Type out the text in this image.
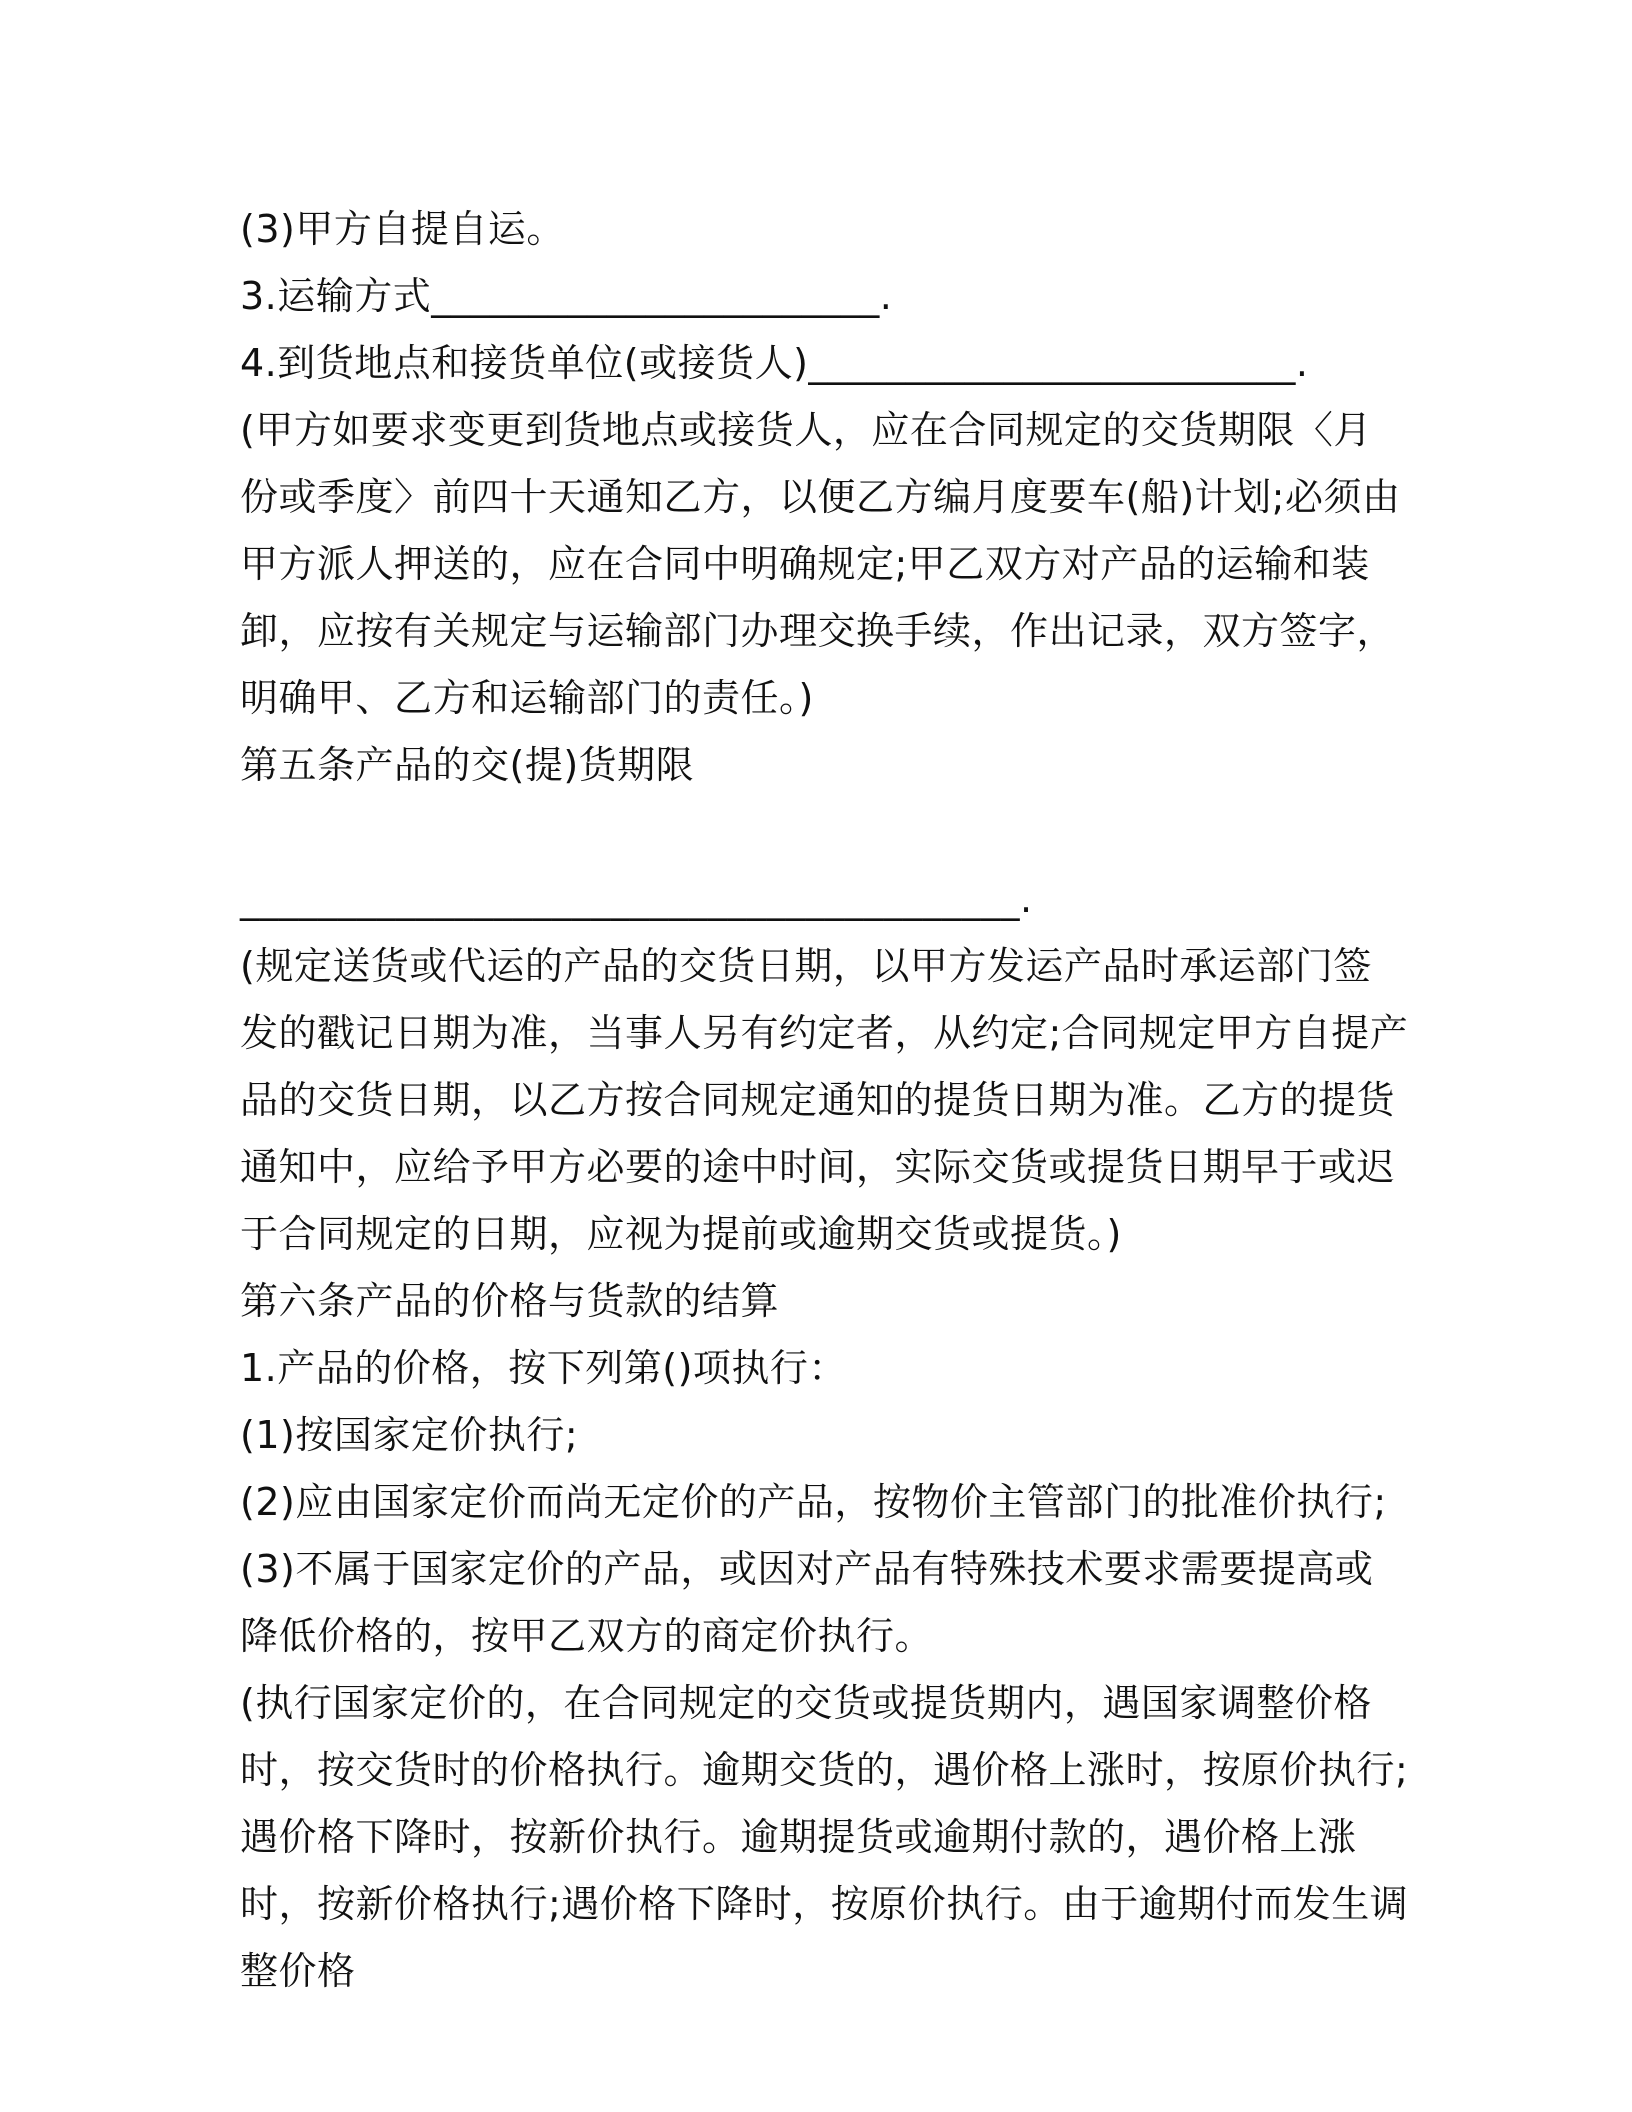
(3)甲方自提自运。

3.运输方式_______________________.

4.到货地点和接货单位(或接货人)_________________________.

(甲方如要求变更到货地点或接货人，应在合同规定的交货期限〈月份或季度〉前四十天通知乙方，以便乙方编月度要车(船)计划;必须由甲方派人押送的，应在合同中明确规定;甲乙双方对产品的运输和装卸，应按有关规定与运输部门办理交换手续，作出记录，双方签字，明确甲、乙方和运输部门的责任。)

第五条产品的交(提)货期限

________________________________________.

(规定送货或代运的产品的交货日期，以甲方发运产品时承运部门签发的戳记日期为准，当事人另有约定者，从约定;合同规定甲方自提产品的交货日期，以乙方按合同规定通知的提货日期为准。乙方的提货通知中，应给予甲方必要的途中时间，实际交货或提货日期早于或迟于合同规定的日期，应视为提前或逾期交货或提货。)

第六条产品的价格与货款的结算

1.产品的价格，按下列第()项执行：

(1)按国家定价执行;

(2)应由国家定价而尚无定价的产品，按物价主管部门的批准价执行;

(3)不属于国家定价的产品，或因对产品有特殊技术要求需要提高或降低价格的，按甲乙双方的商定价执行。

(执行国家定价的，在合同规定的交货或提货期内，遇国家调整价格时，按交货时的价格执行。逾期交货的，遇价格上涨时，按原价执行;遇价格下降时，按新价执行。逾期提货或逾期付款的，遇价格上涨时，按新价格执行;遇价格下降时，按原价执行。由于逾期付而发生调整价格
